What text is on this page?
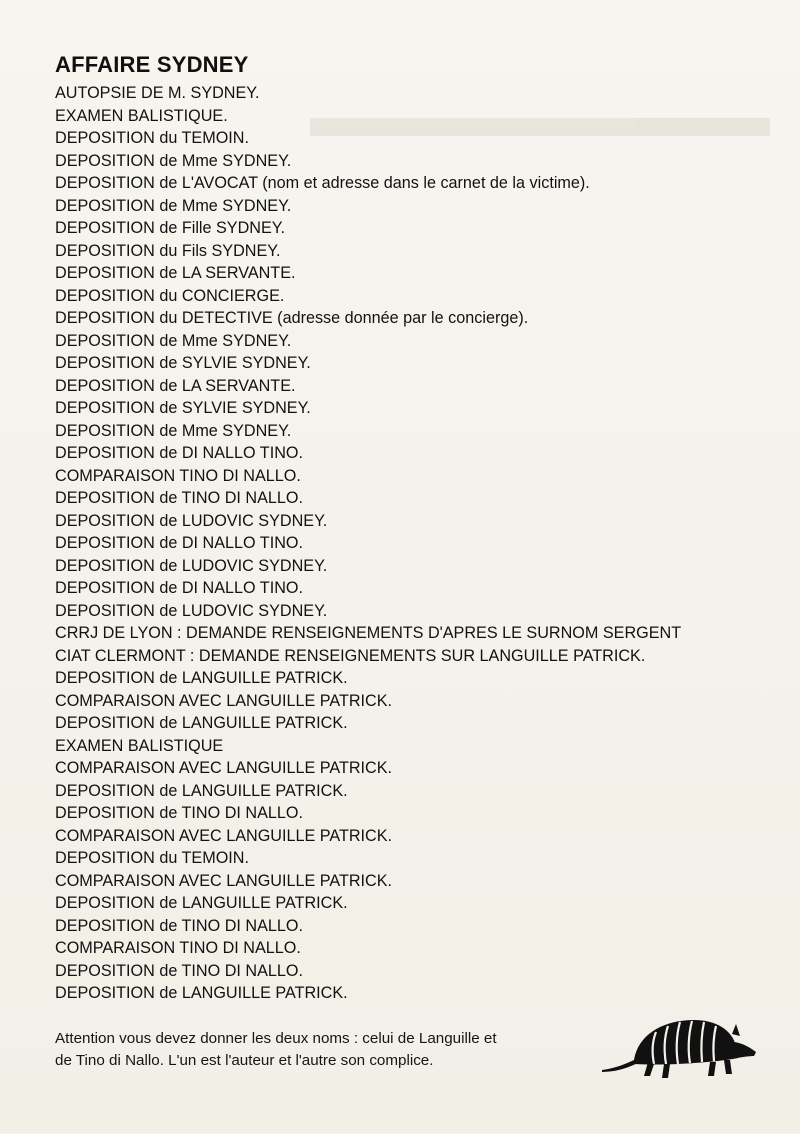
AFFAIRE SYDNEY
AUTOPSIE DE M. SYDNEY.
EXAMEN BALISTIQUE.
DEPOSITION du TEMOIN.
DEPOSITION de Mme SYDNEY.
DEPOSITION de L'AVOCAT (nom et adresse dans le carnet de la victime).
DEPOSITION de Mme SYDNEY.
DEPOSITION de Fille SYDNEY.
DEPOSITION du Fils SYDNEY.
DEPOSITION de LA SERVANTE.
DEPOSITION du CONCIERGE.
DEPOSITION du DETECTIVE (adresse donnée par le concierge).
DEPOSITION de Mme SYDNEY.
DEPOSITION de SYLVIE SYDNEY.
DEPOSITION de LA SERVANTE.
DEPOSITION de SYLVIE SYDNEY.
DEPOSITION de Mme SYDNEY.
DEPOSITION de DI NALLO TINO.
COMPARAISON TINO DI NALLO.
DEPOSITION de TINO DI NALLO.
DEPOSITION de LUDOVIC SYDNEY.
DEPOSITION de DI NALLO TINO.
DEPOSITION de LUDOVIC SYDNEY.
DEPOSITION de DI NALLO TINO.
DEPOSITION de LUDOVIC SYDNEY.
CRRJ DE LYON : DEMANDE RENSEIGNEMENTS D'APRES LE SURNOM SERGENT
CIAT CLERMONT : DEMANDE RENSEIGNEMENTS SUR LANGUILLE PATRICK.
DEPOSITION de LANGUILLE PATRICK.
COMPARAISON AVEC LANGUILLE PATRICK.
DEPOSITION de LANGUILLE PATRICK.
EXAMEN BALISTIQUE
COMPARAISON AVEC LANGUILLE PATRICK.
DEPOSITION de LANGUILLE PATRICK.
DEPOSITION de TINO DI NALLO.
COMPARAISON AVEC LANGUILLE PATRICK.
DEPOSITION du TEMOIN.
COMPARAISON AVEC LANGUILLE PATRICK.
DEPOSITION de LANGUILLE PATRICK.
DEPOSITION de TINO DI NALLO.
COMPARAISON TINO DI NALLO.
DEPOSITION de TINO DI NALLO.
DEPOSITION de LANGUILLE PATRICK.
Attention vous devez donner les deux noms : celui de Languille et
de Tino di Nallo. L'un est l'auteur et l'autre son complice.
